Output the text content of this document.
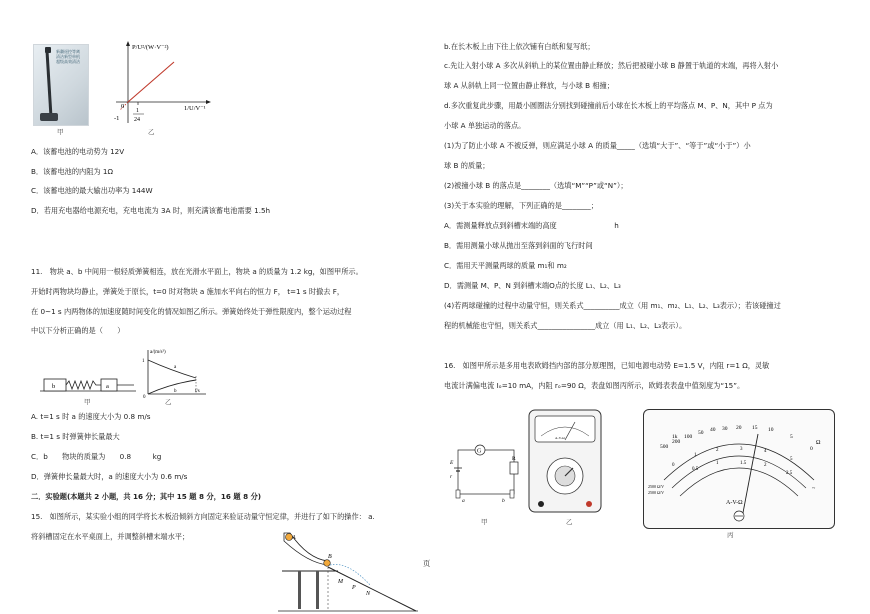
新疆遥控等离
清洁新型单机
超级高效清洁
甲
P/U²/(W·V⁻²)
1/U/V⁻¹
0
-1
1
24
乙
A．该蓄电池的电动势为 12V
B．该蓄电池的内阻为 1Ω
C．该蓄电池的最大输出功率为 144W
D．若用充电器给电源充电，充电电流为 3A 时，则充满该蓄电池需要 1.5h
11.　物块 a、b 中间用一根轻质弹簧相连，放在光滑水平面上，物块 a 的质量为 1.2 kg，如图甲所示。
开始时两物块均静止，弹簧处于原长，t=0 时对物块 a 施加水平向右的恒力 F， t=1 s 时撤去 F，
在 0~1 s 内两物体的加速度随时间变化的情况如图乙所示。弹簧始终处于弹性限度内，整个运动过程
中以下分析正确的是（　　）
b	a
甲
a/(m/s²)
1
a
b
0
t/s
乙
A. t=1 s 时 a 的速度大小为 0.8 m/s
B. t=1 s 时弹簧伸长量最大
C．b　　物块的质量为　　0.8　　　kg
D．弹簧伸长量最大时，a 的速度大小为 0.6 m/s
二．实验题(本题共 2 小题，共 16 分；其中 15 题 8 分，16 题 8 分)
15.　如图所示，某实验小组的同学将长木板沿倾斜方向固定来验证动量守恒定律，并进行了如下的操作： a.
将斜槽固定在水平桌面上，并调整斜槽末端水平；	A
B
M
P
N
页
b.在长木板上由下往上依次铺有白纸和复写纸；
c.先让入射小球 A 多次从斜轨上的某位置由静止释放；然后把被碰小球 B 静置于轨道的末端，再将入射小
球 A 从斜轨上同一位置由静止释放，与小球 B 相撞；
d.多次重复此步骤，用最小圆圈法分别找到碰撞前后小球在长木板上的平均落点 M、P、N，其中 P 点为
小球 A 单独运动的落点。
(1)为了防止小球 A 不被反弹，则应满足小球 A 的质量_____（选填“大于”、“等于”或“小于”）小
球 B 的质量；
(2)被撞小球 B 的落点是________（选填“M”“P”或“N”）；
(3)关于本实验的理解，下列正确的是________；
A．需测量释放点到斜槽末端的高度　　　　　　　　h
B．需用测量小球从抛出至落到斜面的飞行时间
C．需用天平测量两球的质量 m₁和 m₂
D．需测量 M、P、N 到斜槽末端O点的长度 L₁、L₂、L₃
(4)若两球碰撞的过程中动量守恒，则关系式__________成立（用 m₁、m₂、L₁、L₂、L₃表示）；若该碰撞过
程的机械能也守恒，则关系式________________成立（用 L₁、L₂、L₃表示）。
16.　如图甲所示是多用电表欧姆挡内部的部分原理图，已知电源电动势 E=1.5 V，内阻 r=1 Ω，灵敏
电流计满偏电流 Iₒ=10 mA，内阻 rₒ=90 Ω，表盘如图丙所示，欧姆表表盘中值刻度为“15”。
G
R
E
r
a	b
甲
A-V-Ω
乙
1k
500
200
100
50 40 30 20 15 10
5
0
Ω
0
1
2	3	4
5
0.5
1	1.5	2
2.5
2500 Ω/V
2500 Ω/V
~
A-V-Ω
丙
